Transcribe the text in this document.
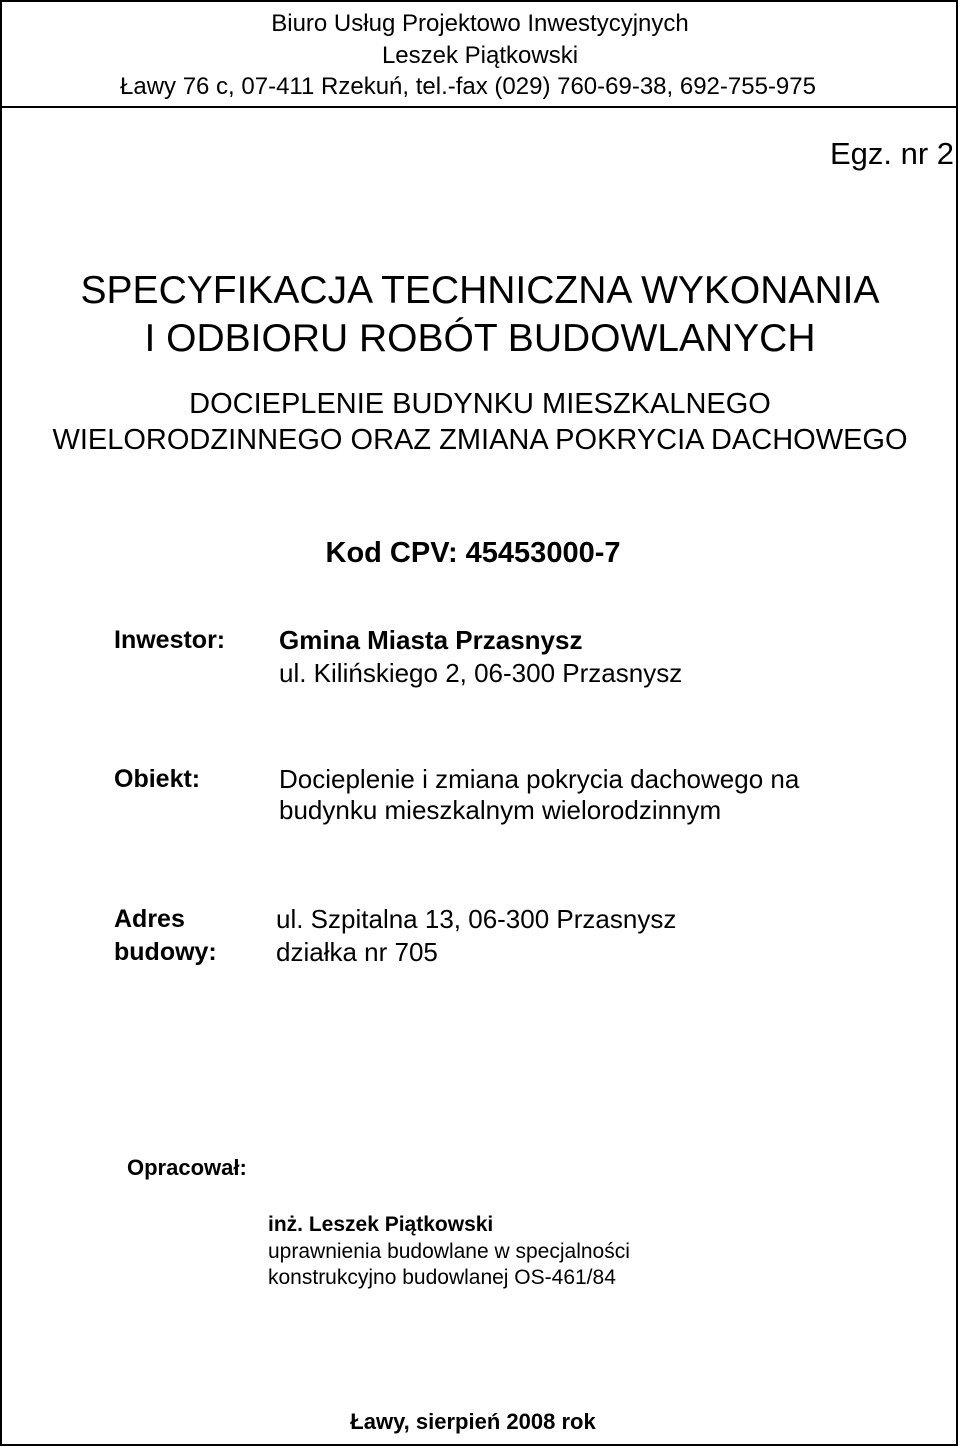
Biuro Usług Projektowo Inwestycyjnych
Leszek Piątkowski
Ławy 76 c, 07-411 Rzekuń, tel.-fax (029) 760-69-38, 692-755-975
Egz. nr 2
SPECYFIKACJA TECHNICZNA WYKONANIA
I ODBIORU ROBÓT BUDOWLANYCH
DOCIEPLENIE BUDYNKU MIESZKALNEGO
WIELORODZINNEGO ORAZ ZMIANA POKRYCIA DACHOWEGO
Kod CPV: 45453000-7
Inwestor: Gmina Miasta Przasnysz
ul. Kilińskiego 2, 06-300 Przasnysz
Obiekt:	Docieplenie i zmiana pokrycia dachowego na
budynku mieszkalnym wielorodzinnym
Adres
budowy:
ul. Szpitalna 13, 06-300 Przasnysz
działka nr 705
Opracował:
inż. Leszek Piątkowski
uprawnienia budowlane w specjalności
konstrukcyjno budowlanej OS-461/84
Ławy, sierpień 2008 rok
